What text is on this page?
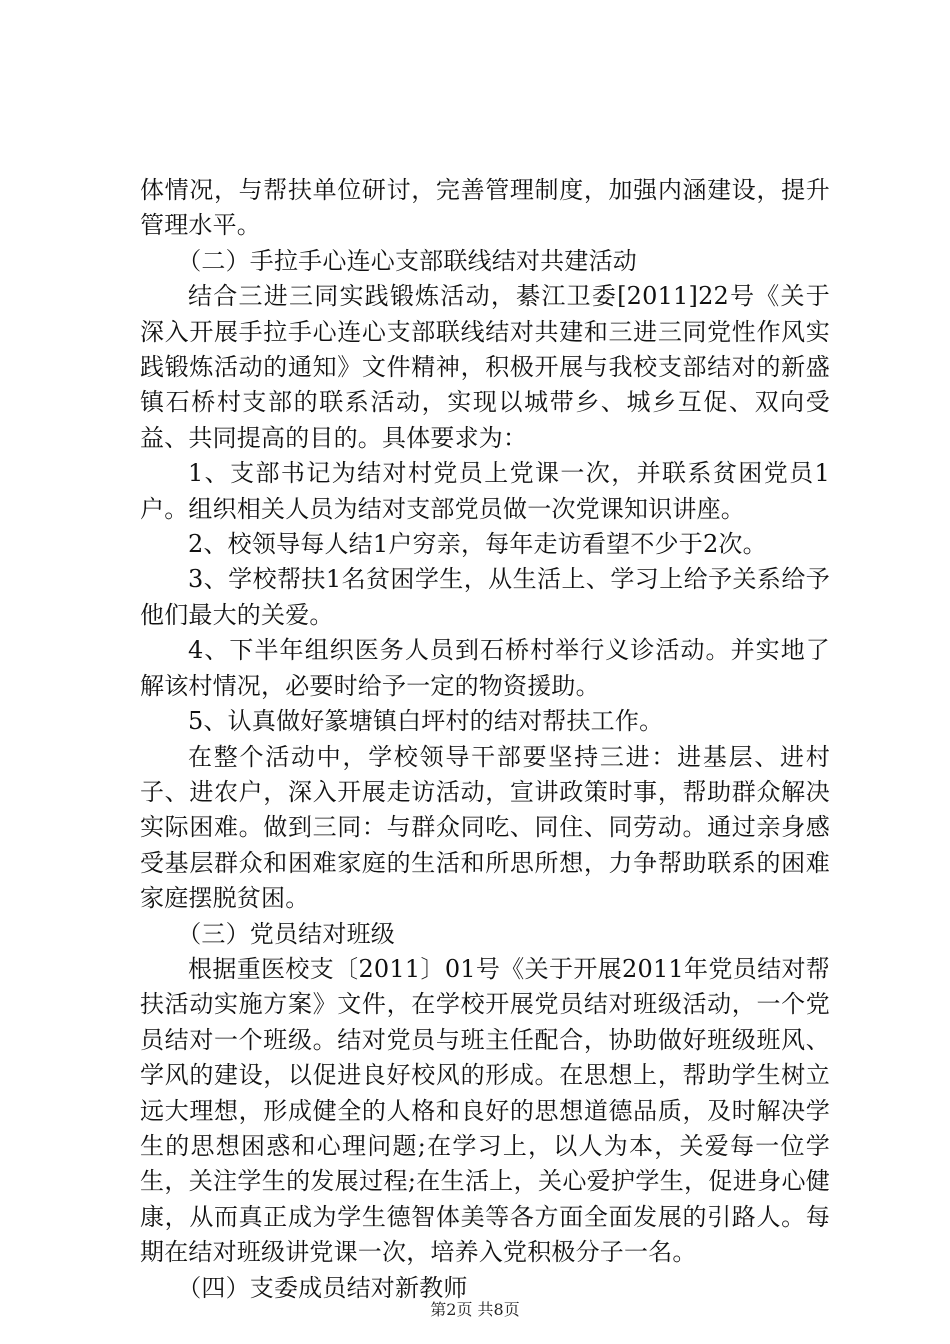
体情况，与帮扶单位研讨，完善管理制度，加强内涵建设，提升管理水平。

（二）手拉手心连心支部联线结对共建活动

结合三进三同实践锻炼活动，綦江卫委[2011]22号《关于深入开展手拉手心连心支部联线结对共建和三进三同党性作风实践锻炼活动的通知》文件精神，积极开展与我校支部结对的新盛镇石桥村支部的联系活动，实现以城带乡、城乡互促、双向受益、共同提高的目的。具体要求为：

1、支部书记为结对村党员上党课一次，并联系贫困党员1户。组织相关人员为结对支部党员做一次党课知识讲座。

2、校领导每人结1户穷亲，每年走访看望不少于2次。

3、学校帮扶1名贫困学生，从生活上、学习上给予关系给予他们最大的关爱。

4、下半年组织医务人员到石桥村举行义诊活动。并实地了解该村情况，必要时给予一定的物资援助。

5、认真做好篆塘镇白坪村的结对帮扶工作。

在整个活动中，学校领导干部要坚持三进：进基层、进村子、进农户，深入开展走访活动，宣讲政策时事，帮助群众解决实际困难。做到三同：与群众同吃、同住、同劳动。通过亲身感受基层群众和困难家庭的生活和所思所想，力争帮助联系的困难家庭摆脱贫困。

（三）党员结对班级

根据重医校支〔2011〕01号《关于开展2011年党员结对帮扶活动实施方案》文件，在学校开展党员结对班级活动，一个党员结对一个班级。结对党员与班主任配合，协助做好班级班风、学风的建设，以促进良好校风的形成。在思想上，帮助学生树立远大理想，形成健全的人格和良好的思想道德品质，及时解决学生的思想困惑和心理问题;在学习上，以人为本，关爱每一位学生，关注学生的发展过程;在生活上，关心爱护学生，促进身心健康，从而真正成为学生德智体美等各方面全面发展的引路人。每期在结对班级讲党课一次，培养入党积极分子一名。

（四）支委成员结对新教师

第2页 共8页
